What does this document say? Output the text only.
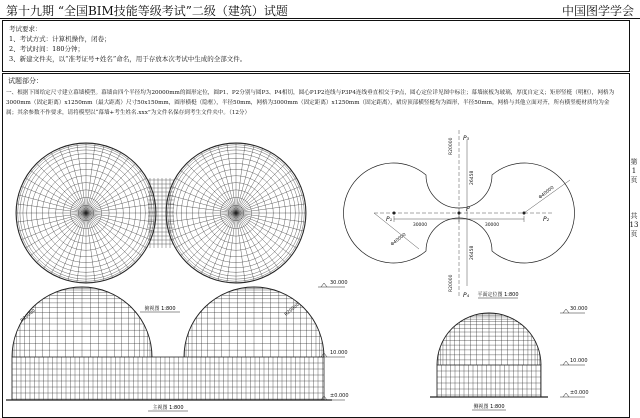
第十九期 “全国BIM技能等级考试”二级（建筑）试题	中国图学学会
考试要求：
1、考试方式：计算机操作，闭卷；
2、考试时间：180分钟；
3、新建文件夹，以“准考证号+姓名”命名，用于存放本次考试中生成的全部文件。
试题部分：
一、根据下图给定尺寸建立幕墙模型。幕墙由四个半径均为20000mm的圆形定位，圆P1、P2分别与圆P3、P4相切，圆心P1P2连线与P3P4连线垂直相交于P点，圆心定位详见图中标注；幕墙嵌板为玻璃，厚度自定义；矩形竖梃（明框），网格为3000mm（固定距离）x1250mm（最大距离）尺寸50x150mm，圆形横梃（隐框），半径50mm，网格为3000mm（固定距离）x1250mm（固定距离），裙房顶部横竖梃均为圆形，半径50mm，网格与其他立面对齐，所有横竖梃材质均为金属；其余参数不作要求，请将模型以“幕墙+考生姓名.xxx”为文件名保存到考生文件夹中。（12分）
第
1
页
共
13
页
俯视图 1:800
P
P₁	P₂
P₃
P₄
30000	30000
Φ40000
Φ40000
R20000
R20000
26458
26458
平面定位图 1:800
R20000	R20000
主视图 1:800
30.000
10.000
±0.000
30.000
10.000
±0.000
侧视图 1:800
